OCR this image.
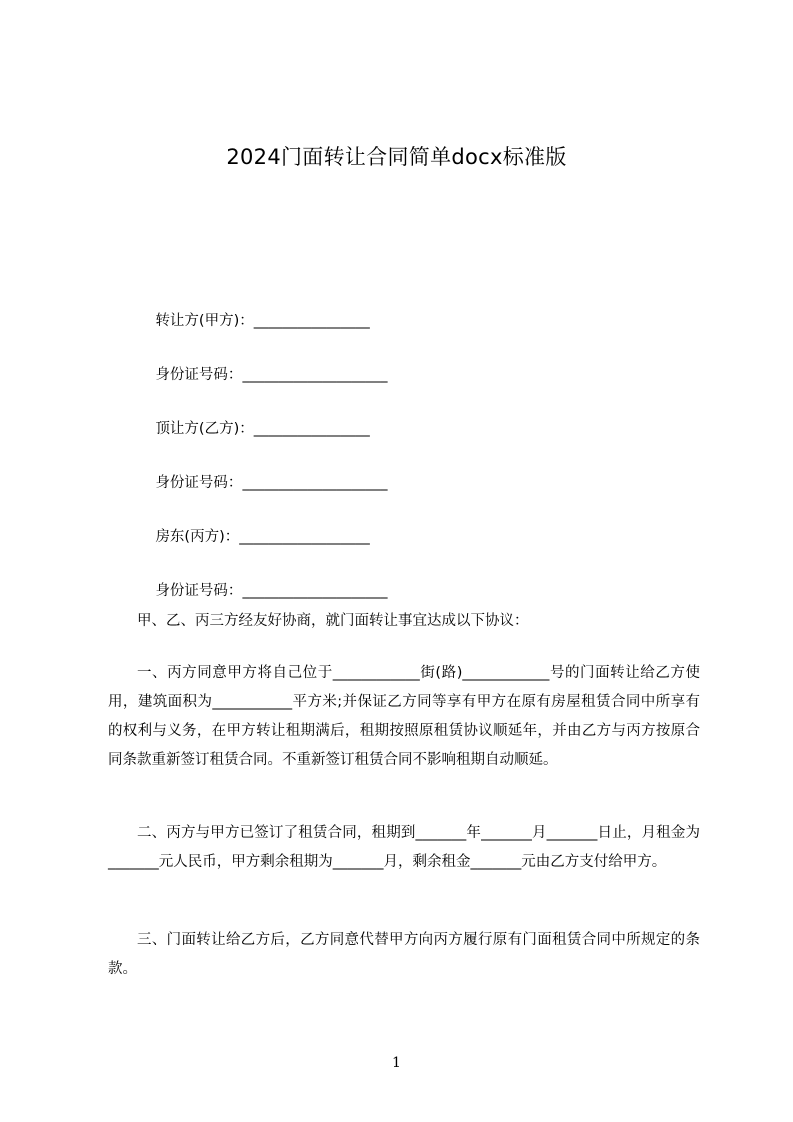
2024门面转让合同简单docx标准版

转让方(甲方)：________________

身份证号码：____________________

顶让方(乙方)：________________

身份证号码：____________________

房东(丙方)：__________________

身份证号码：____________________

甲、乙、丙三方经友好协商，就门面转让事宜达成以下协议：

一、丙方同意甲方将自己位于____________街(路)____________号的门面转让给乙方使用，建筑面积为___________平方米;并保证乙方同等享有甲方在原有房屋租赁合同中所享有的权利与义务，在甲方转让租期满后，租期按照原租赁协议顺延年，并由乙方与丙方按原合同条款重新签订租赁合同。不重新签订租赁合同不影响租期自动顺延。

二、丙方与甲方已签订了租赁合同，租期到_______年_______月_______日止，月租金为_______元人民币，甲方剩余租期为_______月，剩余租金_______元由乙方支付给甲方。

三、门面转让给乙方后，乙方同意代替甲方向丙方履行原有门面租赁合同中所规定的条款。

1
